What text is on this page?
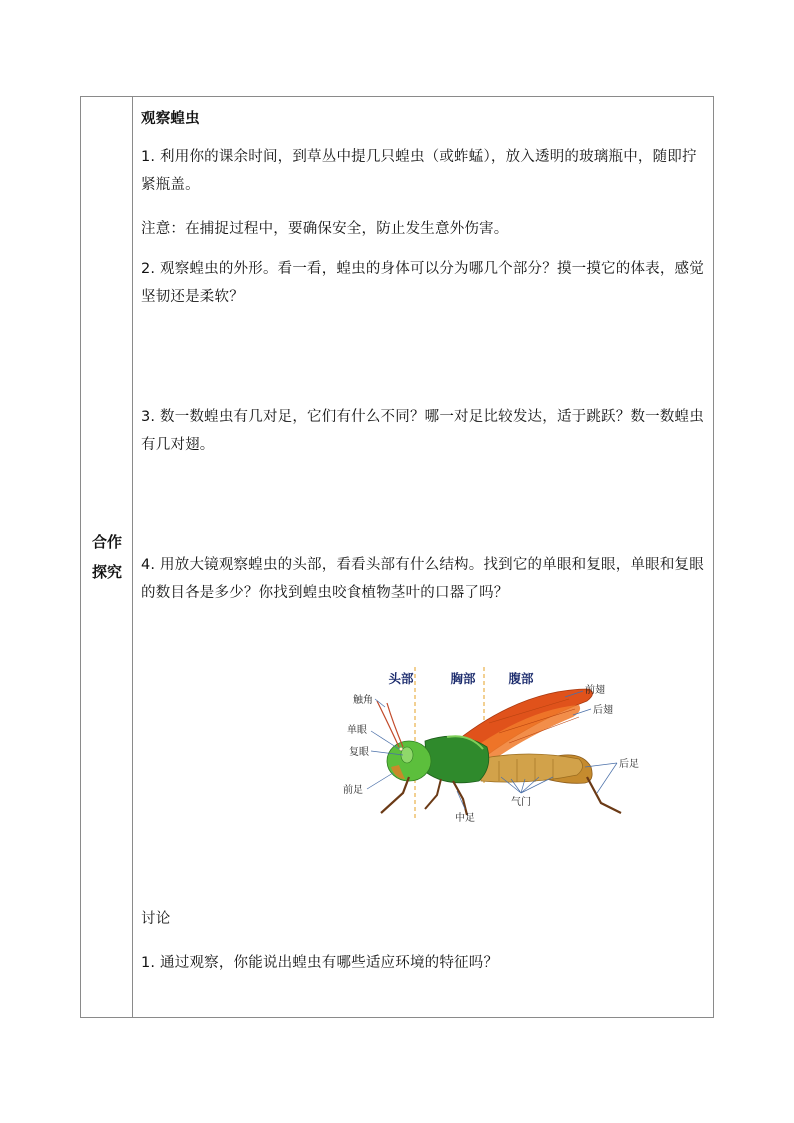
合作
探究
观察蝗虫
1. 利用你的课余时间，到草丛中提几只蝗虫（或蚱蜢），放入透明的玻璃瓶中，随即拧紧瓶盖。
注意：在捕捉过程中，要确保安全，防止发生意外伤害。
2. 观察蝗虫的外形。看一看，蝗虫的身体可以分为哪几个部分？摸一摸它的体表，感觉坚韧还是柔软？
3. 数一数蝗虫有几对足，它们有什么不同？哪一对足比较发达，适于跳跃？数一数蝗虫有几对翅。
4. 用放大镜观察蝗虫的头部，看看头部有什么结构。找到它的单眼和复眼，单眼和复眼的数目各是多少？你找到蝗虫咬食植物茎叶的口器了吗？
头部	胸部	腹部
触角
单眼
复眼
前足
中足
气门
前翅
后翅
后足
讨论
1. 通过观察，你能说出蝗虫有哪些适应环境的特征吗？
